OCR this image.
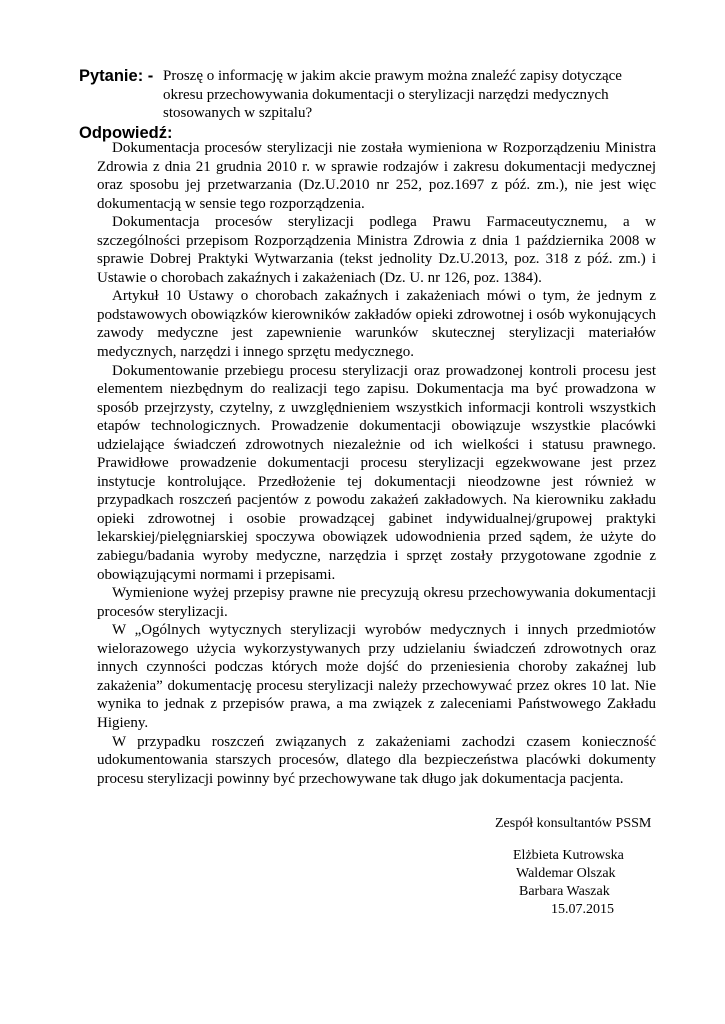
Pytanie: - Proszę o informację w jakim akcie prawym można znaleźć zapisy dotyczące okresu przechowywania dokumentacji o sterylizacji narzędzi medycznych stosowanych w szpitalu?
Odpowiedź:

Dokumentacja procesów sterylizacji nie została wymieniona w Rozporządzeniu Ministra Zdrowia z dnia 21 grudnia 2010 r. w sprawie rodzajów i zakresu dokumentacji medycznej oraz sposobu jej przetwarzania (Dz.U.2010 nr 252, poz.1697 z póź. zm.), nie jest więc dokumentacją w sensie tego rozporządzenia.

Dokumentacja procesów sterylizacji podlega Prawu Farmaceutycznemu, a w szczególności przepisom Rozporządzenia Ministra Zdrowia z dnia 1 października 2008 w sprawie Dobrej Praktyki Wytwarzania (tekst jednolity Dz.U.2013, poz. 318 z póź. zm.) i Ustawie o chorobach zakaźnych i zakażeniach (Dz. U. nr 126, poz. 1384).

Artykuł 10 Ustawy o chorobach zakaźnych i zakażeniach mówi o tym, że jednym z podstawowych obowiązków kierowników zakładów opieki zdrowotnej i osób wykonujących zawody medyczne jest zapewnienie warunków skutecznej sterylizacji materiałów medycznych, narzędzi i innego sprzętu medycznego.

Dokumentowanie przebiegu procesu sterylizacji oraz prowadzonej kontroli procesu jest elementem niezbędnym do realizacji tego zapisu. Dokumentacja ma być prowadzona w sposób przejrzysty, czytelny, z uwzględnieniem wszystkich informacji kontroli wszystkich etapów technologicznych. Prowadzenie dokumentacji obowiązuje wszystkie placówki udzielające świadczeń zdrowotnych niezależnie od ich wielkości i statusu prawnego. Prawidłowe prowadzenie dokumentacji procesu sterylizacji egzekwowane jest przez instytucje kontrolujące. Przedłożenie tej dokumentacji nieodzowne jest również w przypadkach roszczeń pacjentów z powodu zakażeń zakładowych. Na kierowniku zakładu opieki zdrowotnej i osobie prowadzącej gabinet indywidualnej/grupowej praktyki lekarskiej/pielęgniarskiej spoczywa obowiązek udowodnienia przed sądem, że użyte do zabiegu/badania wyroby medyczne, narzędzia i sprzęt zostały przygotowane zgodnie z obowiązującymi normami i przepisami.

Wymienione wyżej przepisy prawne nie precyzują okresu przechowywania dokumentacji procesów sterylizacji.

W „Ogólnych wytycznych sterylizacji wyrobów medycznych i innych przedmiotów wielorazowego użycia wykorzystywanych przy udzielaniu świadczeń zdrowotnych oraz innych czynności podczas których może dojść do przeniesienia choroby zakaźnej lub zakażenia” dokumentację procesu sterylizacji należy przechowywać przez okres 10 lat. Nie wynika to jednak z przepisów prawa, a ma związek z zaleceniami Państwowego Zakładu Higieny.

W przypadku roszczeń związanych z zakażeniami zachodzi czasem konieczność udokumentowania starszych procesów, dlatego dla bezpieczeństwa placówki dokumenty procesu sterylizacji powinny być przechowywane tak długo jak dokumentacja pacjenta.

Zespół konsultantów PSSM
Elżbieta Kutrowska
Waldemar Olszak
Barbara Waszak
15.07.2015
